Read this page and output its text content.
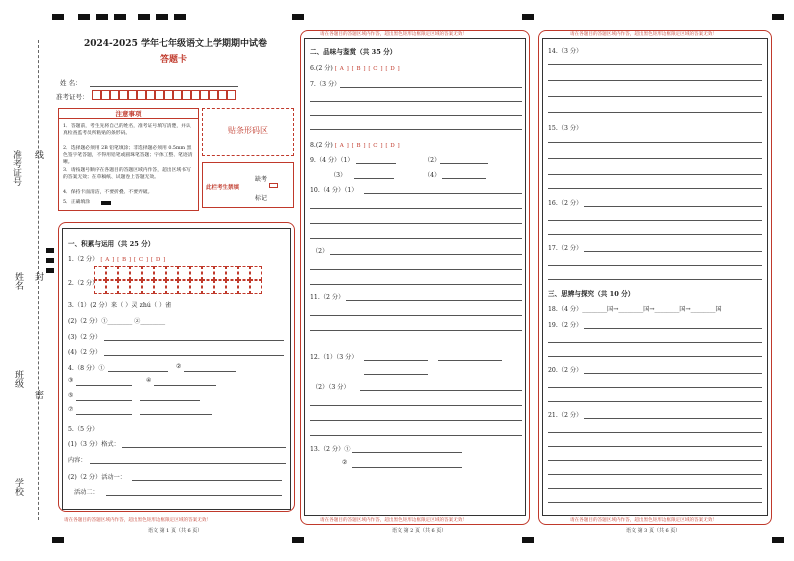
准考证号 线
姓名 封
班级
密
学校
2024-2025 学年七年级语文上学期期中试卷
答题卡
姓 名：
准考证号：
注意事项
1．答题前，考生先将自己的姓名，准考证号填写清楚，并认真检查监考员所粘贴的条形码。
2．选择题必须用 2B 铅笔填涂；非选择题必须用 0.5mm 黑色签字笔答题，不得用铅笔或圆珠笔答题；字体工整、笔迹清晰。
3．请按题号顺序在各题目的答题区域内作答，超出区域书写的答案无效；在草稿纸、试题卷上答题无效。
4．保持卡面清洁，不要折叠、不要弄破。
5．正确填涂
贴条形码区
此栏考生禁填
缺考
标记
请在各题目的答题区域内作答，超出黑色矩形边框限定区域的答案无效！
一、积累与运用（共 25 分）
1.（2 分） [ A ] [ B ] [ C ] [ D ]
2.（2 分）
3.（1）(2 分）来（ ）灵 zhú（ ）雀
(2)（2 分）①________ ②________
(3)（2 分）
(4)（2 分）
4.（8 分）①	②
③	④
⑤
⑦
5.（5 分）
(1)（3 分）格式：
内容：
(2)（2 分）活动一：
活动二：
语文 第 1 页（共 6 页）
请在各题目的答题区域内作答，超出黑色矩形边框限定区域的答案无效！
请在各题目的答题区域内作答，超出黑色矩形边框限定区域的答案无效！
二、品味与鉴赏（共 35 分）
6.(2 分) [ A ] [ B ] [ C ] [ D ]
7.（3 分）
8.(2 分) [ A ] [ B ] [ C ] [ D ]
9.（4 分）（1）	（2）
（3）	（4）
10.（4 分）（1）
（2）
11.（2 分）
12.（1）（3 分）
（2）（3 分）
13.（2 分）①
②
语文 第 2 页（共 6 页）
请在各题目的答题区域内作答，超出黑色矩形边框限定区域的答案无效！
请在各题目的答题区域内作答，超出黑色矩形边框限定区域的答案无效！
14.（3 分）
15.（3 分）
16.（2 分）
17.（2 分）
三、思辨与探究（共 10 分）
18.（4 分）________国→________国→________国→________国
19.（2 分）
20.（2 分）
21.（2 分）
语文 第 3 页（共 6 页）
